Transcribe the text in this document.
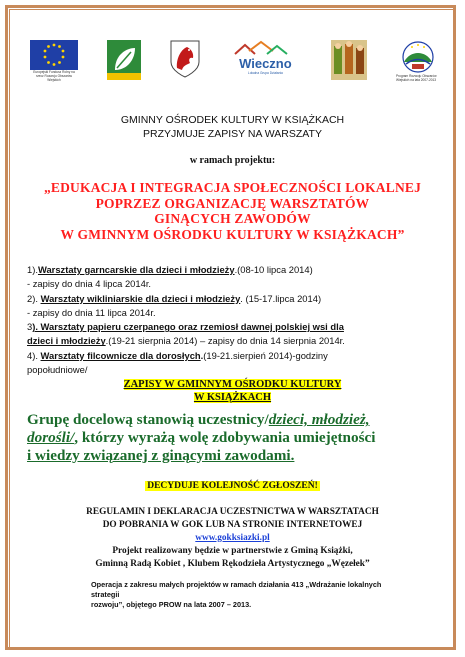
Europejski Fundusz Rolny na rzecz Rozwoju Obszarów Wiejskich
Wieczno
Lokalna Grupa Działania
Program Rozwoju Obszarów Wiejskich na lata 2007-2013
GMINNY OŚRODEK KULTURY W KSIĄŻKACH
PRZYJMUJE ZAPISY NA WARSZATY
w ramach projektu:
„EDUKACJA I INTEGRACJA SPOŁECZNOŚCI LOKALNEJ
POPRZEZ ORGANIZACJĘ WARSZTATÓW
GINĄCYCH ZAWODÓW
W GMINNYM OŚRODKU KULTURY W KSIĄŻKACH”
1).Warsztaty garncarskie dla dzieci i młodzieży.(08-10 lipca 2014)
- zapisy do dnia 4 lipca 2014r.
2). Warsztaty wikliniarskie dla dzieci i młodzieży. (15-17.lipca 2014)
- zapisy do dnia 11 lipca 2014r.
3). Warsztaty papieru czerpanego oraz rzemiosł dawnej polskiej wsi dla
dzieci i młodzieży.(19-21 sierpnia 2014) – zapisy do dnia 14 sierpnia 2014r.
4). Warsztaty filcownicze dla dorosłych.(19-21.sierpień 2014)-godziny
popołudniowe/
ZAPISY W GMINNYM OŚRODKU KULTURY
W KSIĄŻKACH
Grupę docelową stanowią uczestnicy/dzieci, młodzież,
dorośli/, którzy wyrażą wolę zdobywania umiejętności
i wiedzy związanej z ginącymi zawodami.
DECYDUJE KOLEJNOŚĆ ZGŁOSZEŃ!
REGULAMIN I DEKLARACJA UCZESTNICTWA W WARSZTATACH
DO POBRANIA W GOK LUB NA STRONIE INTERNETOWEJ
www.gokksiazki.pl
Projekt realizowany będzie w partnerstwie z Gminą Książki,
Gminną Radą Kobiet , Klubem Rękodzieła Artystycznego „Węzełek”
Operacja z zakresu małych projektów w ramach działania 413 „Wdrażanie lokalnych strategii
rozwoju”, objętego PROW na lata 2007 – 2013.
